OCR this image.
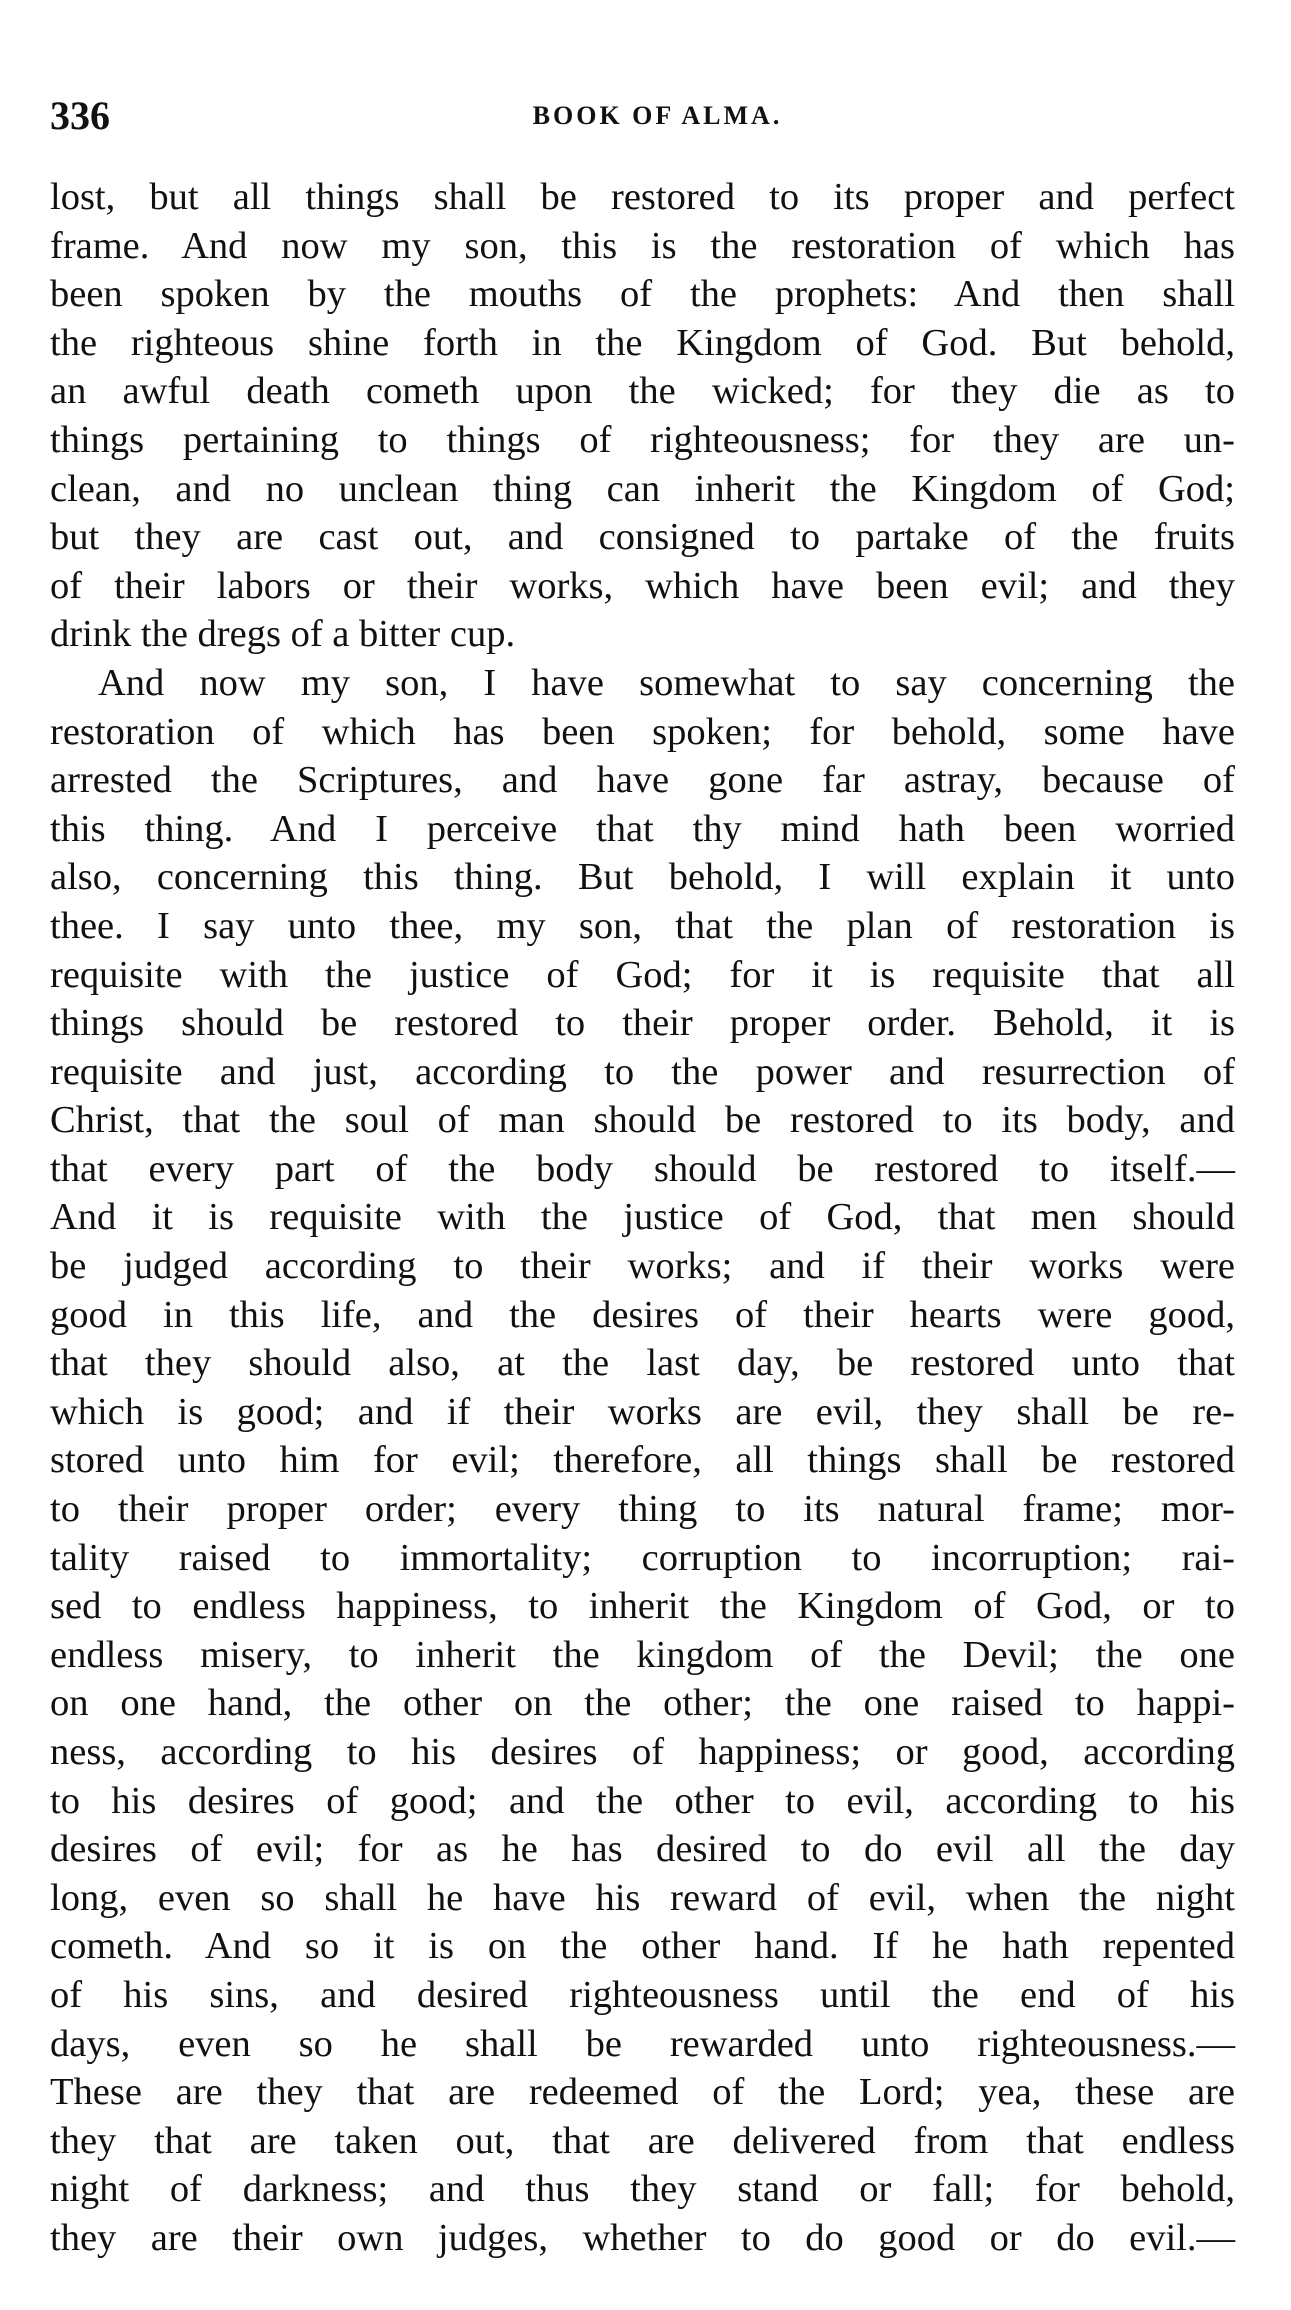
336	BOOK OF ALMA.
lost, but all things shall be restored to its proper and perfect
frame. And now my son, this is the restoration of which has
been spoken by the mouths of the prophets: And then shall
the righteous shine forth in the Kingdom of God. But behold,
an awful death cometh upon the wicked; for they die as to
things pertaining to things of righteousness; for they are un-
clean, and no unclean thing can inherit the Kingdom of God;
but they are cast out, and consigned to partake of the fruits
of their labors or their works, which have been evil; and they
drink the dregs of a bitter cup.
And now my son, I have somewhat to say concerning the
restoration of which has been spoken; for behold, some have
arrested the Scriptures, and have gone far astray, because of
this thing. And I perceive that thy mind hath been worried
also, concerning this thing. But behold, I will explain it unto
thee. I say unto thee, my son, that the plan of restoration is
requisite with the justice of God; for it is requisite that all
things should be restored to their proper order. Behold, it is
requisite and just, according to the power and resurrection of
Christ, that the soul of man should be restored to its body, and
that every part of the body should be restored to itself.—
And it is requisite with the justice of God, that men should
be judged according to their works; and if their works were
good in this life, and the desires of their hearts were good,
that they should also, at the last day, be restored unto that
which is good; and if their works are evil, they shall be re-
stored unto him for evil; therefore, all things shall be restored
to their proper order; every thing to its natural frame; mor-
tality raised to immortality; corruption to incorruption; rai-
sed to endless happiness, to inherit the Kingdom of God, or to
endless misery, to inherit the kingdom of the Devil; the one
on one hand, the other on the other; the one raised to happi-
ness, according to his desires of happiness; or good, according
to his desires of good; and the other to evil, according to his
desires of evil; for as he has desired to do evil all the day
long, even so shall he have his reward of evil, when the night
cometh. And so it is on the other hand. If he hath repented
of his sins, and desired righteousness until the end of his
days, even so he shall be rewarded unto righteousness.—
These are they that are redeemed of the Lord; yea, these are
they that are taken out, that are delivered from that endless
night of darkness; and thus they stand or fall; for behold,
they are their own judges, whether to do good or do evil.—
